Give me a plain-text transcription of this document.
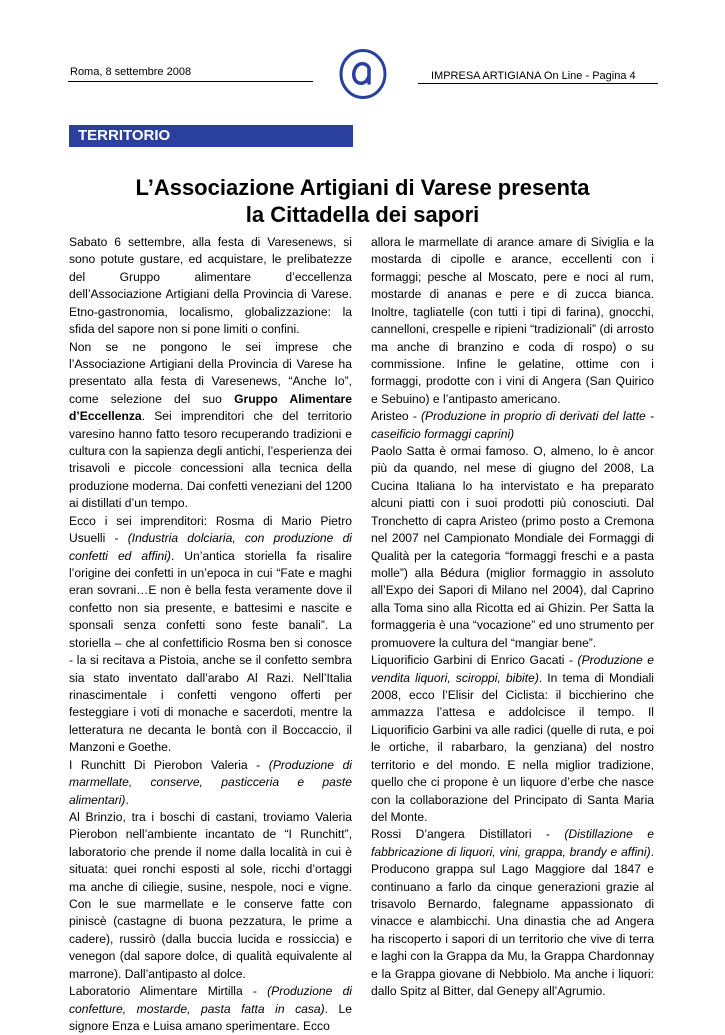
Roma, 8 settembre 2008	IMPRESA ARTIGIANA On Line - Pagina 4
TERRITORIO
L’Associazione Artigiani di Varese presenta
la Cittadella dei sapori

Sabato 6 settembre, alla festa di Varesenews, si sono potute gustare, ed acquistare, le prelibatezze del Gruppo alimentare d’eccellenza dell’Associazione Artigiani della Provincia di Varese. Etno-gastronomia, localismo, globalizzazione: la sfida del sapore non si pone limiti o confini.

Non se ne pongono le sei imprese che l’Associazione Artigiani della Provincia di Varese ha presentato alla festa di Varesenews, “Anche Io”, come selezione del suo Gruppo Alimentare d’Eccellenza. Sei imprenditori che del territorio varesino hanno fatto tesoro recuperando tradizioni e cultura con la sapienza degli antichi, l’esperienza dei trisavoli e piccole concessioni alla tecnica della produzione moderna. Dai confetti veneziani del 1200 ai distillati d’un tempo.

Ecco i sei imprenditori: Rosma di Mario Pietro Usuelli - (Industria dolciaria, con produzione di confetti ed affini). Un’antica storiella fa risalire l’origine dei confetti in un’epoca in cui “Fate e maghi eran sovrani…E non è bella festa veramente dove il confetto non sia presente, e battesimi e nascite e sponsali senza confetti sono feste banali”. La storiella – che al confettificio Rosma ben si conosce - la si recitava a Pistoia, anche se il confetto sembra sia stato inventato dall’arabo Al Razi. Nell’Italia rinascimentale i confetti vengono offerti per festeggiare i voti di monache e sacerdoti, mentre la letteratura ne decanta le bontà con il Boccaccio, il Manzoni e Goethe.

I Runchitt Di Pierobon Valeria - (Produzione di marmellate, conserve, pasticceria e paste alimentari).

Al Brinzio, tra i boschi di castani, troviamo Valeria Pierobon nell’ambiente incantato de “I Runchitt”, laboratorio che prende il nome dalla località in cui è situata: quei ronchi esposti al sole, ricchi d’ortaggi ma anche di ciliegie, susine, nespole, noci e vigne. Con le sue marmellate e le conserve fatte con piniscè (castagne di buona pezzatura, le prime a cadere), russirò (dalla buccia lucida e rossiccia) e venegon (dal sapore dolce, di qualità equivalente al marrone). Dall’antipasto al dolce.

Laboratorio Alimentare Mirtilla - (Produzione di confetture, mostarde, pasta fatta in casa). Le signore Enza e Luisa amano sperimentare. Ecco

allora le marmellate di arance amare di Siviglia e la mostarda di cipolle e arance, eccellenti con i formaggi; pesche al Moscato, pere e noci al rum, mostarde di ananas e pere e di zucca bianca. Inoltre, tagliatelle (con tutti i tipi di farina), gnocchi, cannelloni, crespelle e ripieni “tradizionali” (di arrosto ma anche di branzino e coda di rospo) o su commissione. Infine le gelatine, ottime con i formaggi, prodotte con i vini di Angera (San Quirico e Sebuino) e l’antipasto americano.

Aristeo - (Produzione in proprio di derivati del latte - caseificio formaggi caprini)

Paolo Satta è ormai famoso. O, almeno, lo è ancor più da quando, nel mese di giugno del 2008, La Cucina Italiana lo ha intervistato e ha preparato alcuni piatti con i suoi prodotti più conosciuti. Dal Tronchetto di capra Aristeo (primo posto a Cremona nel 2007 nel Campionato Mondiale dei Formaggi di Qualità per la categoria “formaggi freschi e a pasta molle”) alla Bédura (miglior formaggio in assoluto all’Expo dei Sapori di Milano nel 2004), dal Caprino alla Toma sino alla Ricotta ed ai Ghizin. Per Satta la formaggeria è una “vocazione” ed uno strumento per promuovere la cultura del “mangiar bene”.

Liquorificio Garbini di Enrico Gacati - (Produzione e vendita liquori, sciroppi, bibite). In tema di Mondiali 2008, ecco l’Elisir del Ciclista: il bicchierino che ammazza l’attesa e addolcisce il tempo. Il Liquorificio Garbini va alle radici (quelle di ruta, e poi le ortiche, il rabarbaro, la genziana) del nostro territorio e del mondo. E nella miglior tradizione, quello che ci propone è un liquore d’erbe che nasce con la collaborazione del Principato di Santa Maria del Monte.

Rossi D’angera Distillatori - (Distillazione e fabbricazione di liquori, vini, grappa, brandy e affini). Producono grappa sul Lago Maggiore dal 1847 e continuano a farlo da cinque generazioni grazie al trisavolo Bernardo, falegname appassionato di vinacce e alambicchi. Una dinastia che ad Angera ha riscoperto i sapori di un territorio che vive di terra e laghi con la Grappa da Mu, la Grappa Chardonnay e la Grappa giovane di Nebbiolo. Ma anche i liquori: dallo Spitz al Bitter, dal Genepy all’Agrumio.
